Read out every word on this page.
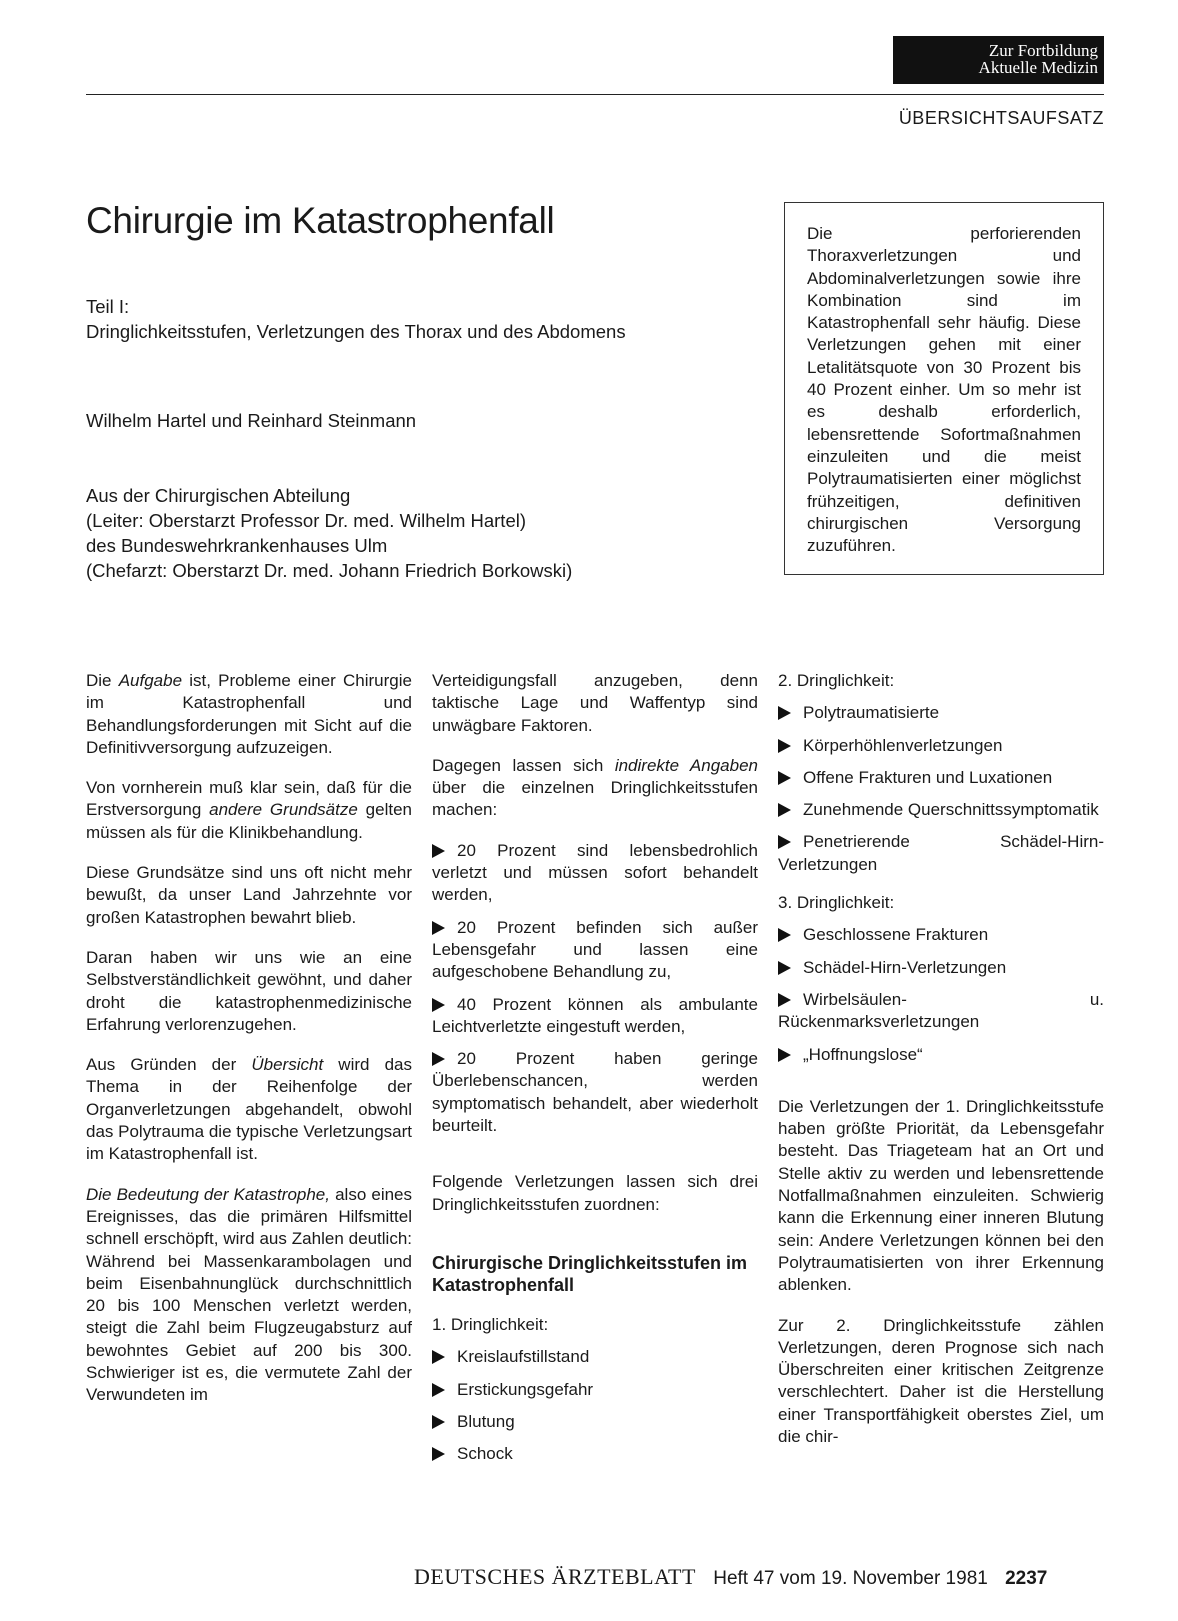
Zur Fortbildung
Aktuelle Medizin
ÜBERSICHTSAUFSATZ
Chirurgie im Katastrophenfall
Teil I:
Dringlichkeitsstufen, Verletzungen des Thorax und des Abdomens
Wilhelm Hartel und Reinhard Steinmann
Aus der Chirurgischen Abteilung
(Leiter: Oberstarzt Professor Dr. med. Wilhelm Hartel)
des Bundeswehrkrankenhauses Ulm
(Chefarzt: Oberstarzt Dr. med. Johann Friedrich Borkowski)
Die perforierenden Thoraxverletzungen und Abdominalverletzungen sowie ihre Kombination sind im Katastrophenfall sehr häufig. Diese Verletzungen gehen mit einer Letalitätsquote von 30 Prozent bis 40 Prozent einher. Um so mehr ist es deshalb erforderlich, lebensrettende Sofortmaßnahmen einzuleiten und die meist Polytraumatisierten einer möglichst frühzeitigen, definitiven chirurgischen Versorgung zuzuführen.

Die Aufgabe ist, Probleme einer Chirurgie im Katastrophenfall und Behandlungsforderungen mit Sicht auf die Definitivversorgung aufzuzeigen.

Von vornherein muß klar sein, daß für die Erstversorgung andere Grundsätze gelten müssen als für die Klinikbehandlung.

Diese Grundsätze sind uns oft nicht mehr bewußt, da unser Land Jahrzehnte vor großen Katastrophen bewahrt blieb.

Daran haben wir uns wie an eine Selbstverständlichkeit gewöhnt, und daher droht die katastrophenmedizinische Erfahrung verlorenzugehen.

Aus Gründen der Übersicht wird das Thema in der Reihenfolge der Organverletzungen abgehandelt, obwohl das Polytrauma die typische Verletzungsart im Katastrophenfall ist.

Die Bedeutung der Katastrophe, also eines Ereignisses, das die primären Hilfsmittel schnell erschöpft, wird aus Zahlen deutlich: Während bei Massenkarambolagen und beim Eisenbahnunglück durchschnittlich 20 bis 100 Menschen verletzt werden, steigt die Zahl beim Flugzeugabsturz auf bewohntes Gebiet auf 200 bis 300. Schwieriger ist es, die vermutete Zahl der Verwundeten im

Verteidigungsfall anzugeben, denn taktische Lage und Waffentyp sind unwägbare Faktoren.

Dagegen lassen sich indirekte Angaben über die einzelnen Dringlichkeitsstufen machen:

20 Prozent sind lebensbedrohlich verletzt und müssen sofort behandelt werden,

20 Prozent befinden sich außer Lebensgefahr und lassen eine aufgeschobene Behandlung zu,

40 Prozent können als ambulante Leichtverletzte eingestuft werden,

20 Prozent haben geringe Überlebenschancen, werden symptomatisch behandelt, aber wiederholt beurteilt.

Folgende Verletzungen lassen sich drei Dringlichkeitsstufen zuordnen:

Chirurgische Dringlichkeitsstufen im Katastrophenfall

1. Dringlichkeit:

Kreislaufstillstand

Erstickungsgefahr

Blutung

Schock

2. Dringlichkeit:

Polytraumatisierte

Körperhöhlenverletzungen

Offene Frakturen und Luxationen

Zunehmende Querschnittssymptomatik

Penetrierende Schädel-Hirn-Verletzungen

3. Dringlichkeit:

Geschlossene Frakturen

Schädel-Hirn-Verletzungen

Wirbelsäulen- u. Rückenmarksverletzungen

„Hoffnungslose“

Die Verletzungen der 1. Dringlichkeitsstufe haben größte Priorität, da Lebensgefahr besteht. Das Triageteam hat an Ort und Stelle aktiv zu werden und lebensrettende Notfallmaßnahmen einzuleiten. Schwierig kann die Erkennung einer inneren Blutung sein: Andere Verletzungen können bei den Polytraumatisierten von ihrer Erkennung ablenken.

Zur 2. Dringlichkeitsstufe zählen Verletzungen, deren Prognose sich nach Überschreiten einer kritischen Zeitgrenze verschlechtert. Daher ist die Herstellung einer Transportfähigkeit oberstes Ziel, um die chir-

DEUTSCHES ÄRZTEBLATT Heft 47 vom 19. November 1981 2237
